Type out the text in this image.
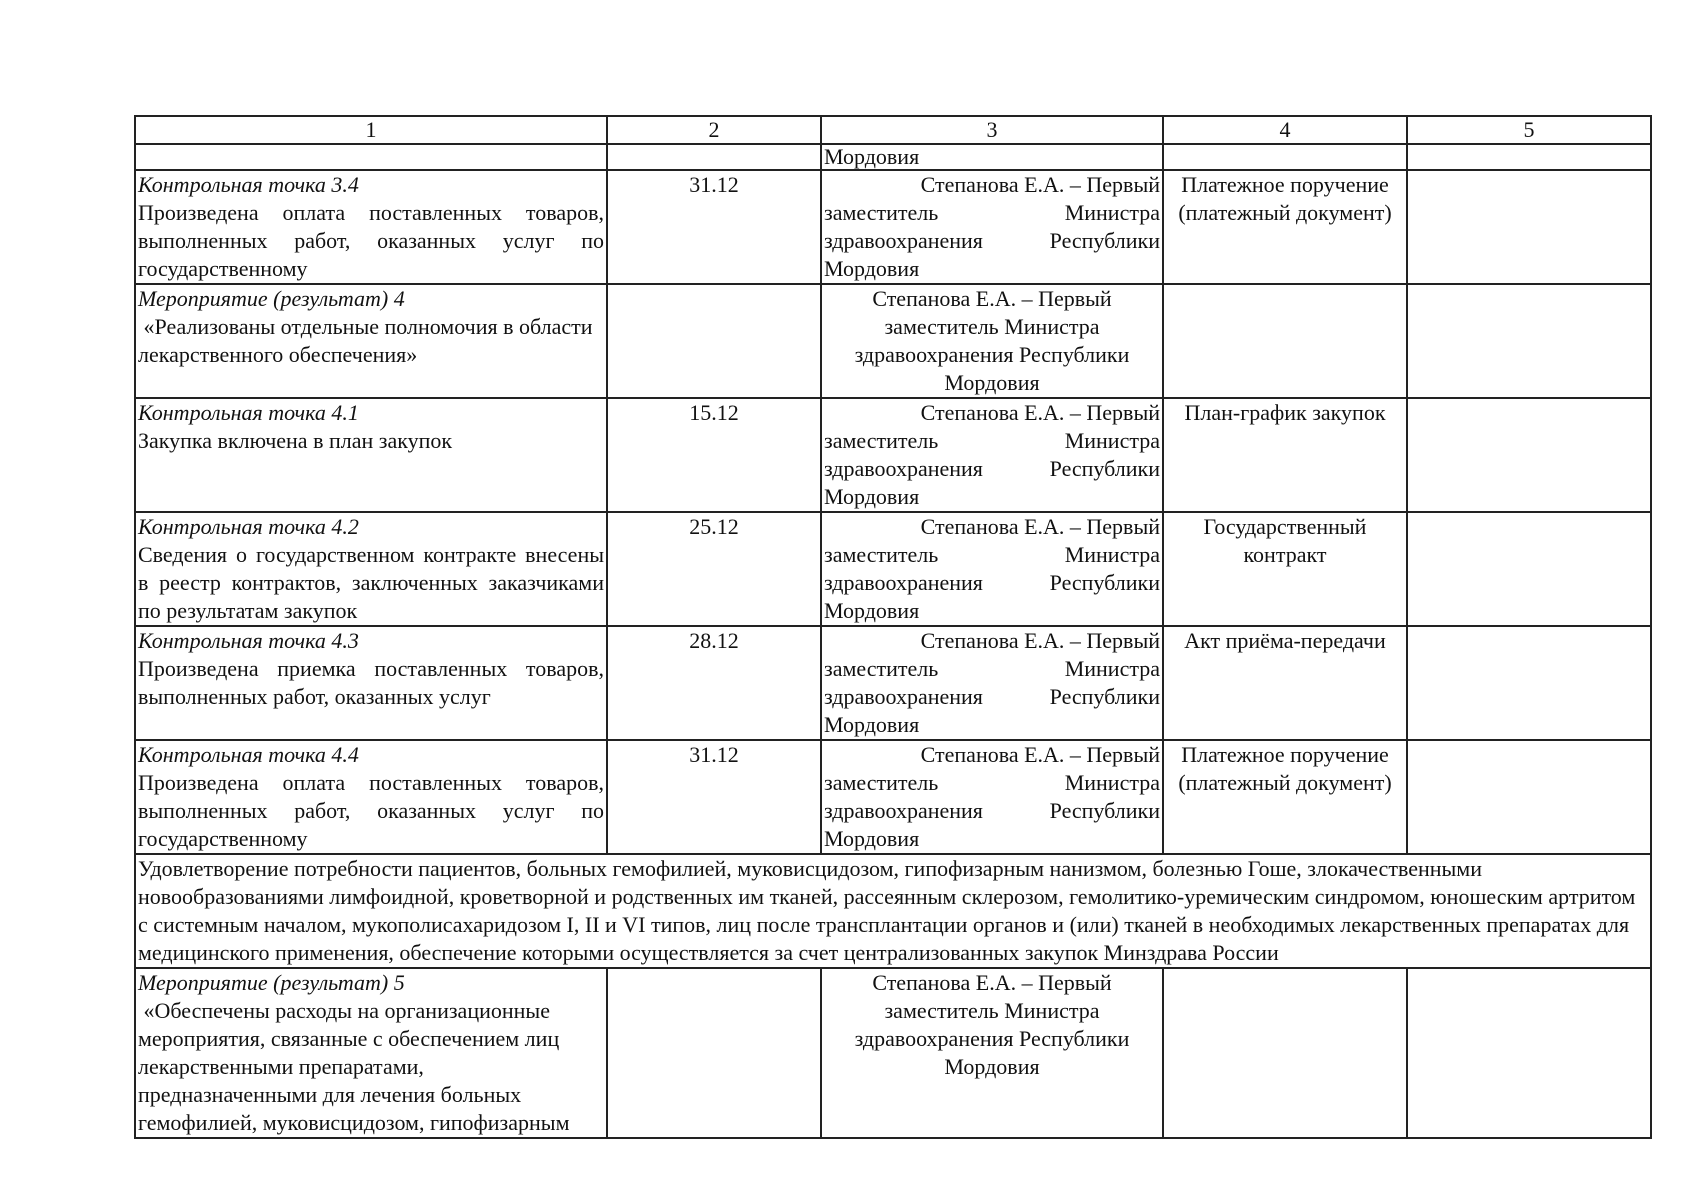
1	2	3	4	5
		Мордовия		

Контрольная точка 3.4
Произведена оплата поставленных товаров, выполненных работ, оказанных услуг по государственному	31.12	Степанова Е.А. – Первый
заместитель Министра
здравоохранения Республики
Мордовия	Платежное поручение (платежный документ)	

Мероприятие (результат) 4
«Реализованы отдельные полномочия в области лекарственного обеспечения»		Степанова Е.А. – Первый заместитель Министра здравоохранения Республики Мордовия		

Контрольная точка 4.1
Закупка включена в план закупок	15.12	Степанова Е.А. – Первый
заместитель Министра
здравоохранения Республики
Мордовия	План-график закупок	

Контрольная точка 4.2
Сведения о государственном контракте внесены в реестр контрактов, заключенных заказчиками по результатам закупок	25.12	Степанова Е.А. – Первый
заместитель Министра
здравоохранения Республики
Мордовия	Государственный контракт	

Контрольная точка 4.3
Произведена приемка поставленных товаров, выполненных работ, оказанных услуг	28.12	Степанова Е.А. – Первый
заместитель Министра
здравоохранения Республики
Мордовия	Акт приёма-передачи	

Контрольная точка 4.4
Произведена оплата поставленных товаров, выполненных работ, оказанных услуг по государственному	31.12	Степанова Е.А. – Первый
заместитель Министра
здравоохранения Республики
Мордовия	Платежное поручение (платежный документ)	
Удовлетворение потребности пациентов, больных гемофилией, муковисцидозом, гипофизарным нанизмом, болезнью Гоше, злокачественными новообразованиями лимфоидной, кроветворной и родственных им тканей, рассеянным склерозом, гемолитико-уремическим синдромом, юношеским артритом с системным началом, мукополисахаридозом I, II и VI типов, лиц после трансплантации органов и (или) тканей в необходимых лекарственных препаратах для медицинского применения, обеспечение которыми осуществляется за счет централизованных закупок Минздрава России				

Мероприятие (результат) 5
«Обеспечены расходы на организационные мероприятия, связанные с обеспечением лиц лекарственными препаратами, предназначенными для лечения больных гемофилией, муковисцидозом, гипофизарным		Степанова Е.А. – Первый заместитель Министра здравоохранения Республики Мордовия		
